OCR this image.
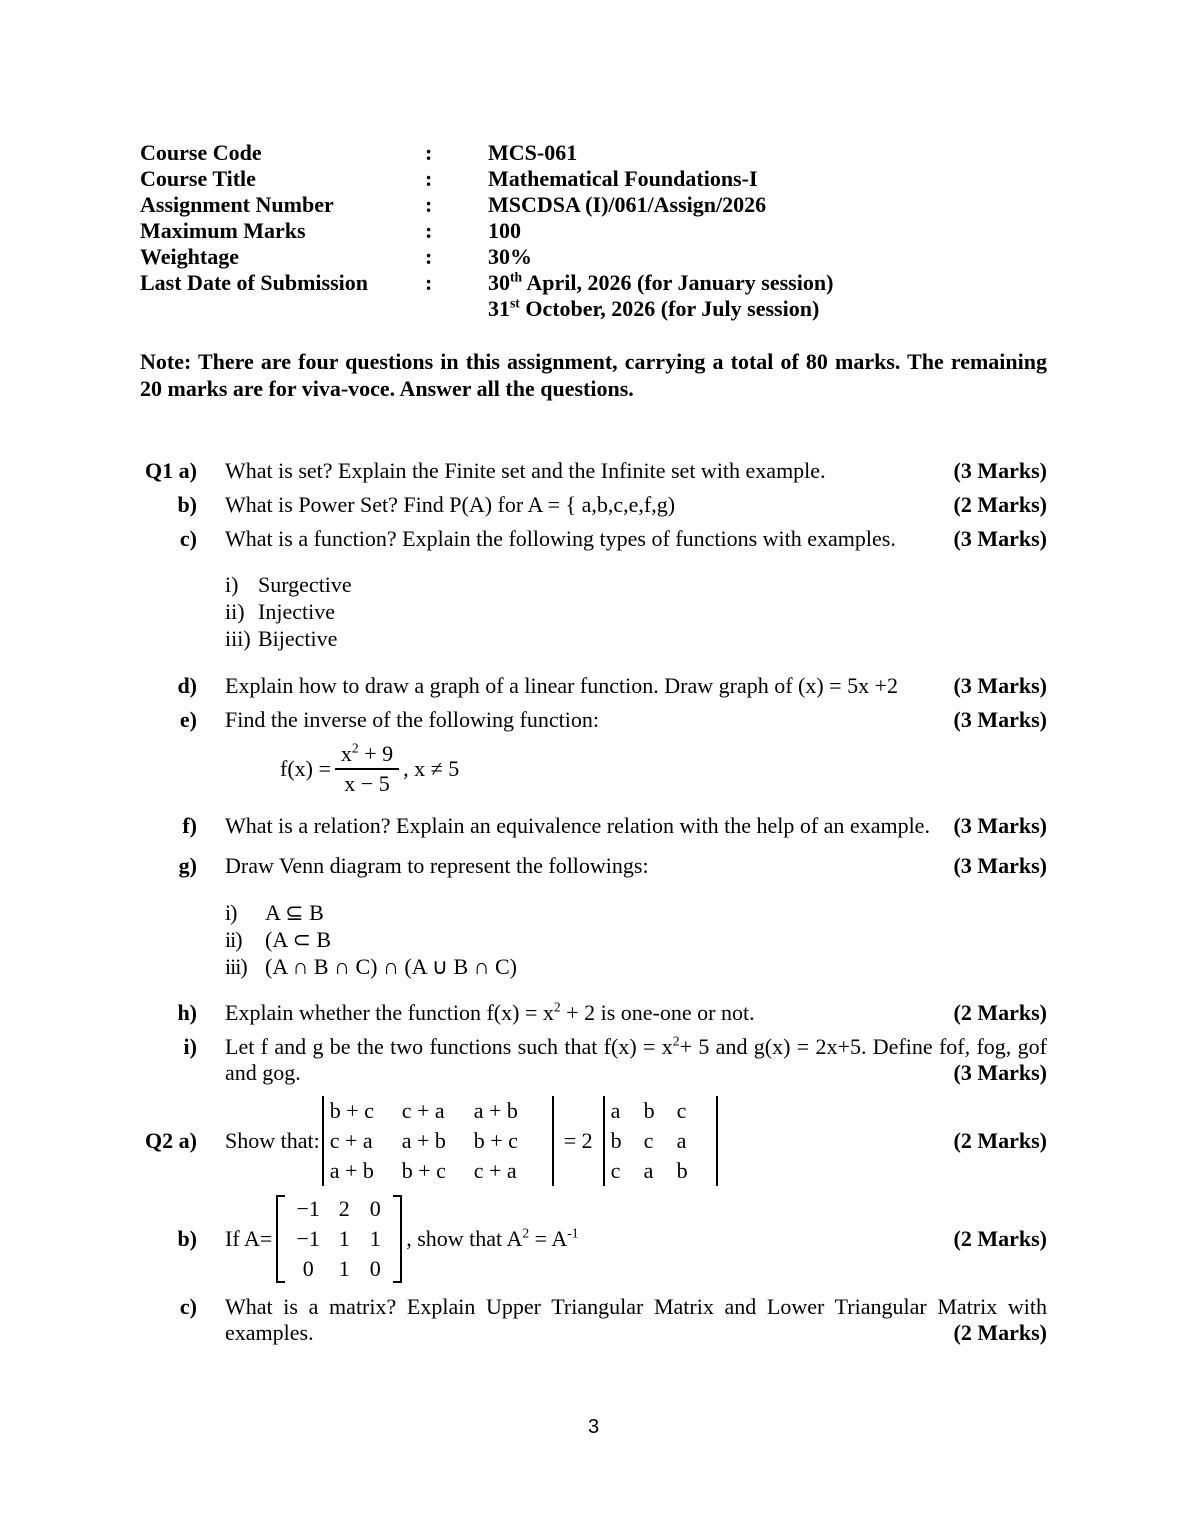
Course Code	:	MCS-061
Course Title	:	Mathematical Foundations-I
Assignment Number	:	MSCDSA (I)/061/Assign/2026
Maximum Marks	:	100
Weightage	:	30%
Last Date of Submission	:	30th April, 2026 (for January session)
31st October, 2026 (for July session)

Note: There are four questions in this assignment, carrying a total of 80 marks. The remaining 20 marks are for viva-voce. Answer all the questions.

Q1 a) What is set? Explain the Finite set and the Infinite set with example.	(3 Marks)
b) What is Power Set? Find P(A) for A = { a,b,c,e,f,g)	(2 Marks)
c) What is a function? Explain the following types of functions with examples.	(3 Marks)
i) Surgective
ii) Injective
iii) Bijective
d) Explain how to draw a graph of a linear function. Draw graph of (x) = 5x +2	(3 Marks)
e) Find the inverse of the following function:	(3 Marks)
$f(x) = \frac{x^2 + 9}{x - 5}$ , x ≠ 5
f) What is a relation? Explain an equivalence relation with the help of an example. (3 Marks)
g) Draw Venn diagram to represent the followings:	(3 Marks)
i)	A ⊆ B
ii)	(A ⊂ B
iii) (A ∩ B ∩ C) ∩ (A ∪ B ∩ C)
h) Explain whether the function $f(x) = x^2 + 2$ is one-one or not.	(2 Marks)
i) Let f and g be the two functions such that $f(x) = x^2+ 5$ and g(x) = 2x+5. Define fof, fog, gof and gog.	(3 Marks)
Q2 a) Show that:
b + c	c + a	a + b
c + a	a + b	b + c
a + b	b + c	c + a
= 2
a	b	c
b	c	a
c	a	b
(2 Marks)
b) If A=
−1 2 0
−1 1 1
0	1 0
, show that $A^2 = A^{-1}$	(2 Marks)
c) What is a matrix? Explain Upper Triangular Matrix and Lower Triangular Matrix with examples.	(2 Marks)
3
